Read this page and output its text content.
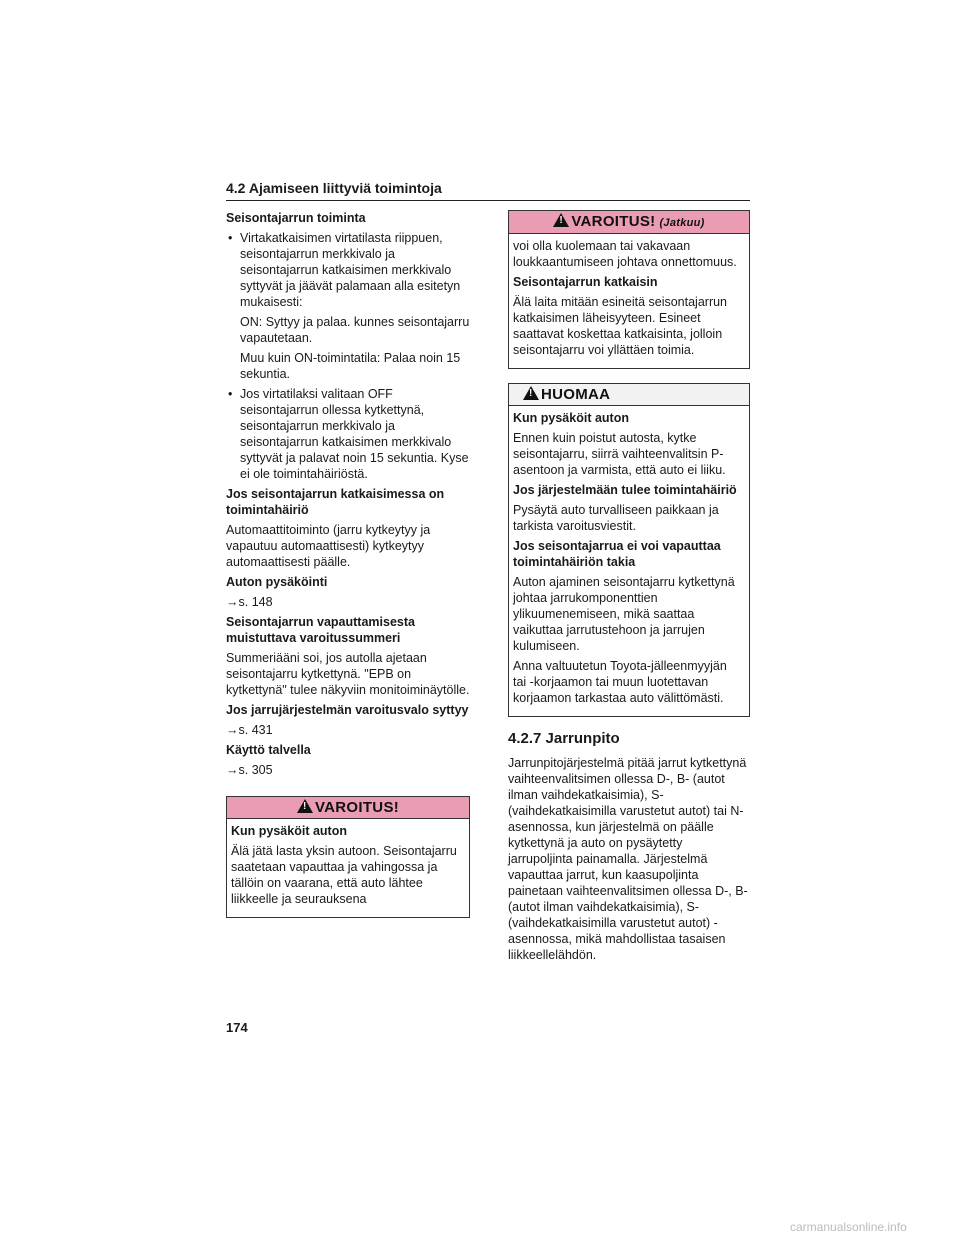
4.2 Ajamiseen liittyviä toimintoja
Seisontajarrun toiminta
• Virtakatkaisimen virtatilasta riippuen, seisontajarrun merkkivalo ja seisontajarrun katkaisimen merkkivalo syttyvät ja jäävät palamaan alla esitetyn mukaisesti:
ON: Syttyy ja palaa. kunnes seisontajarru vapautetaan.
Muu kuin ON-toimintatila: Palaa noin 15 sekuntia.
• Jos virtatilaksi valitaan OFF seisontajarrun ollessa kytkettynä, seisontajarrun merkkivalo ja seisontajarrun katkaisimen merkkivalo syttyvät ja palavat noin 15 sekuntia. Kyse ei ole toimintahäiriöstä.
Jos seisontajarrun katkaisimessa on toimintahäiriö
Automaattitoiminto (jarru kytkeytyy ja vapautuu automaattisesti) kytkeytyy automaattisesti päälle.
Auton pysäköinti
→s. 148
Seisontajarrun vapauttamisesta muistuttava varoitussummeri
Summeriääni soi, jos autolla ajetaan seisontajarru kytkettynä. "EPB on kytkettynä" tulee näkyviin monitoiminäytölle.
Jos jarrujärjestelmän varoitusvalo syttyy
→s. 431
Käyttö talvella
→s. 305
!VAROITUS!
Kun pysäköit auton
Älä jätä lasta yksin autoon. Seisontajarru saatetaan vapauttaa ja vahingossa ja tällöin on vaarana, että auto lähtee liikkeelle ja seurauksena
!VAROITUS! (Jatkuu)
voi olla kuolemaan tai vakavaan loukkaantumiseen johtava onnettomuus.
Seisontajarrun katkaisin
Älä laita mitään esineitä seisontajarrun katkaisimen läheisyyteen. Esineet saattavat koskettaa katkaisinta, jolloin seisontajarru voi yllättäen toimia.
!HUOMAA
Kun pysäköit auton
Ennen kuin poistut autosta, kytke seisontajarru, siirrä vaihteenvalitsin P-asentoon ja varmista, että auto ei liiku.
Jos järjestelmään tulee toimintahäiriö
Pysäytä auto turvalliseen paikkaan ja tarkista varoitusviestit.
Jos seisontajarrua ei voi vapauttaa toimintahäiriön takia
Auton ajaminen seisontajarru kytkettynä johtaa jarrukomponenttien ylikuumenemiseen, mikä saattaa vaikuttaa jarrutustehoon ja jarrujen kulumiseen.
Anna valtuutetun Toyota-jälleenmyyjän tai -korjaamon tai muun luotettavan korjaamon tarkastaa auto välittömästi.
4.2.7 Jarrunpito
Jarrunpitojärjestelmä pitää jarrut kytkettynä vaihteenvalitsimen ollessa D-, B- (autot ilman vaihdekatkaisimia), S- (vaihdekatkaisimilla varustetut autot) tai N-asennossa, kun järjestelmä on päälle kytkettynä ja auto on pysäytetty jarrupoljinta painamalla. Järjestelmä vapauttaa jarrut, kun kaasupoljinta painetaan vaihteenvalitsimen ollessa D-, B- (autot ilman vaihdekatkaisimia), S- (vaihdekatkaisimilla varustetut autot) -asennossa, mikä mahdollistaa tasaisen liikkeellelähdön.
174
carmanualsonline.info
